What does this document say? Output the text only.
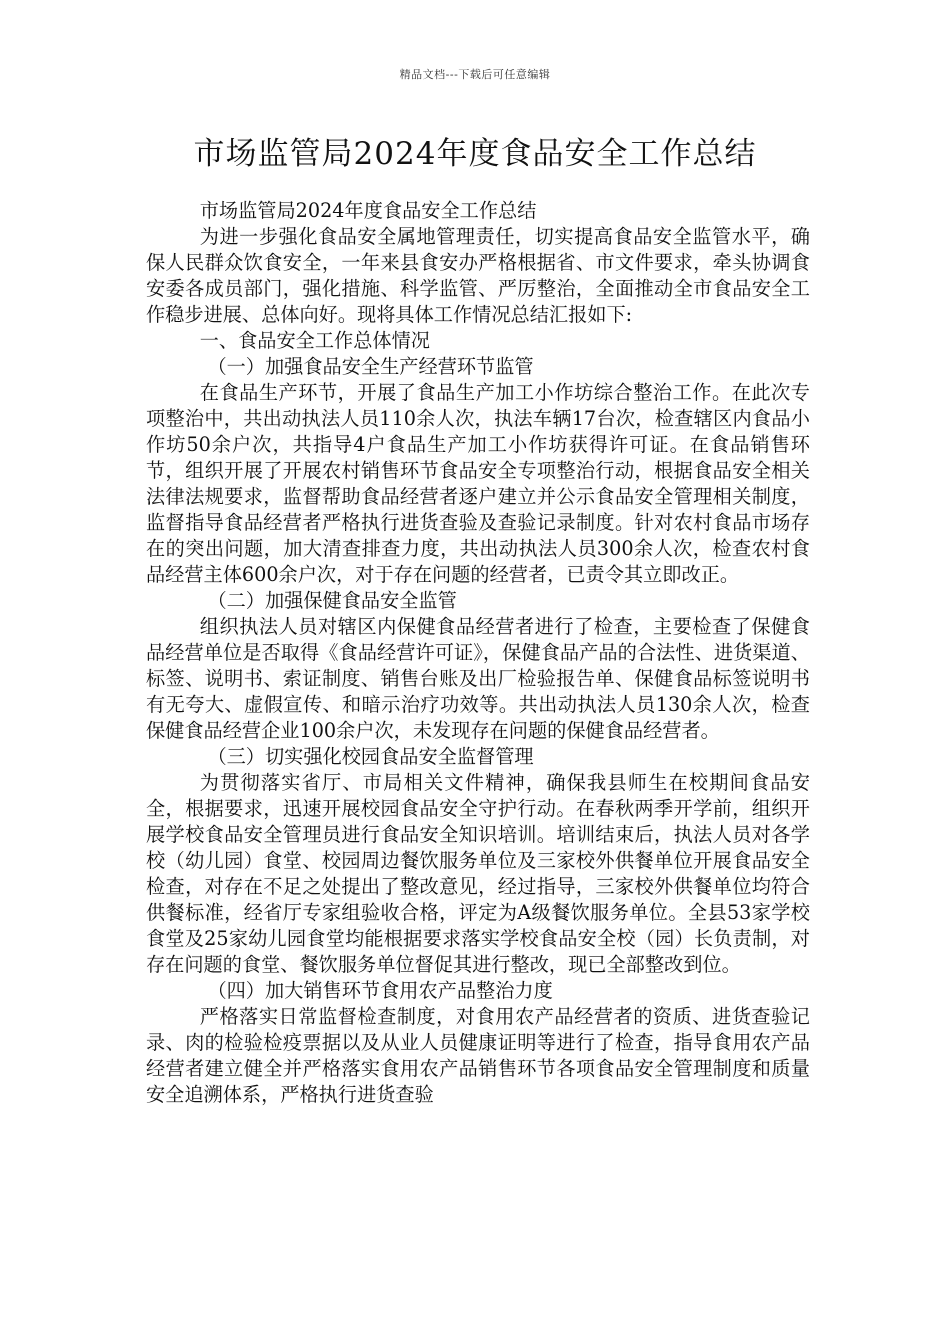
精品文档---下载后可任意编辑
市场监管局2024年度食品安全工作总结

市场监管局2024年度食品安全工作总结

为进一步强化食品安全属地管理责任，切实提高食品安全监管水平，确保人民群众饮食安全，一年来县食安办严格根据省、市文件要求，牵头协调食安委各成员部门，强化措施、科学监管、严厉整治，全面推动全市食品安全工作稳步进展、总体向好。现将具体工作情况总结汇报如下:

一、食品安全工作总体情况

（一）加强食品安全生产经营环节监管

在食品生产环节，开展了食品生产加工小作坊综合整治工作。在此次专项整治中，共出动执法人员110余人次，执法车辆17台次，检查辖区内食品小作坊50余户次，共指导4户食品生产加工小作坊获得许可证。在食品销售环节，组织开展了开展农村销售环节食品安全专项整治行动，根据食品安全相关法律法规要求，监督帮助食品经营者逐户建立并公示食品安全管理相关制度，监督指导食品经营者严格执行进货查验及查验记录制度。针对农村食品市场存在的突出问题，加大清查排查力度，共出动执法人员300余人次，检查农村食品经营主体600余户次，对于存在问题的经营者，已责令其立即改正。

（二）加强保健食品安全监管

组织执法人员对辖区内保健食品经营者进行了检查，主要检查了保健食品经营单位是否取得《食品经营许可证》，保健食品产品的合法性、进货渠道、标签、说明书、索证制度、销售台账及出厂检验报告单、保健食品标签说明书有无夸大、虚假宣传、和暗示治疗功效等。共出动执法人员130余人次，检查保健食品经营企业100余户次，未发现存在问题的保健食品经营者。

（三）切实强化校园食品安全监督管理

为贯彻落实省厅、市局相关文件精神，确保我县师生在校期间食品安全，根据要求，迅速开展校园食品安全守护行动。在春秋两季开学前，组织开展学校食品安全管理员进行食品安全知识培训。培训结束后，执法人员对各学校（幼儿园）食堂、校园周边餐饮服务单位及三家校外供餐单位开展食品安全检查，对存在不足之处提出了整改意见，经过指导，三家校外供餐单位均符合供餐标准，经省厅专家组验收合格，评定为A级餐饮服务单位。全县53家学校食堂及25家幼儿园食堂均能根据要求落实学校食品安全校（园）长负责制，对存在问题的食堂、餐饮服务单位督促其进行整改，现已全部整改到位。

（四）加大销售环节食用农产品整治力度

严格落实日常监督检查制度，对食用农产品经营者的资质、进货查验记录、肉的检验检疫票据以及从业人员健康证明等进行了检查，指导食用农产品经营者建立健全并严格落实食用农产品销售环节各项食品安全管理制度和质量安全追溯体系，严格执行进货查验
